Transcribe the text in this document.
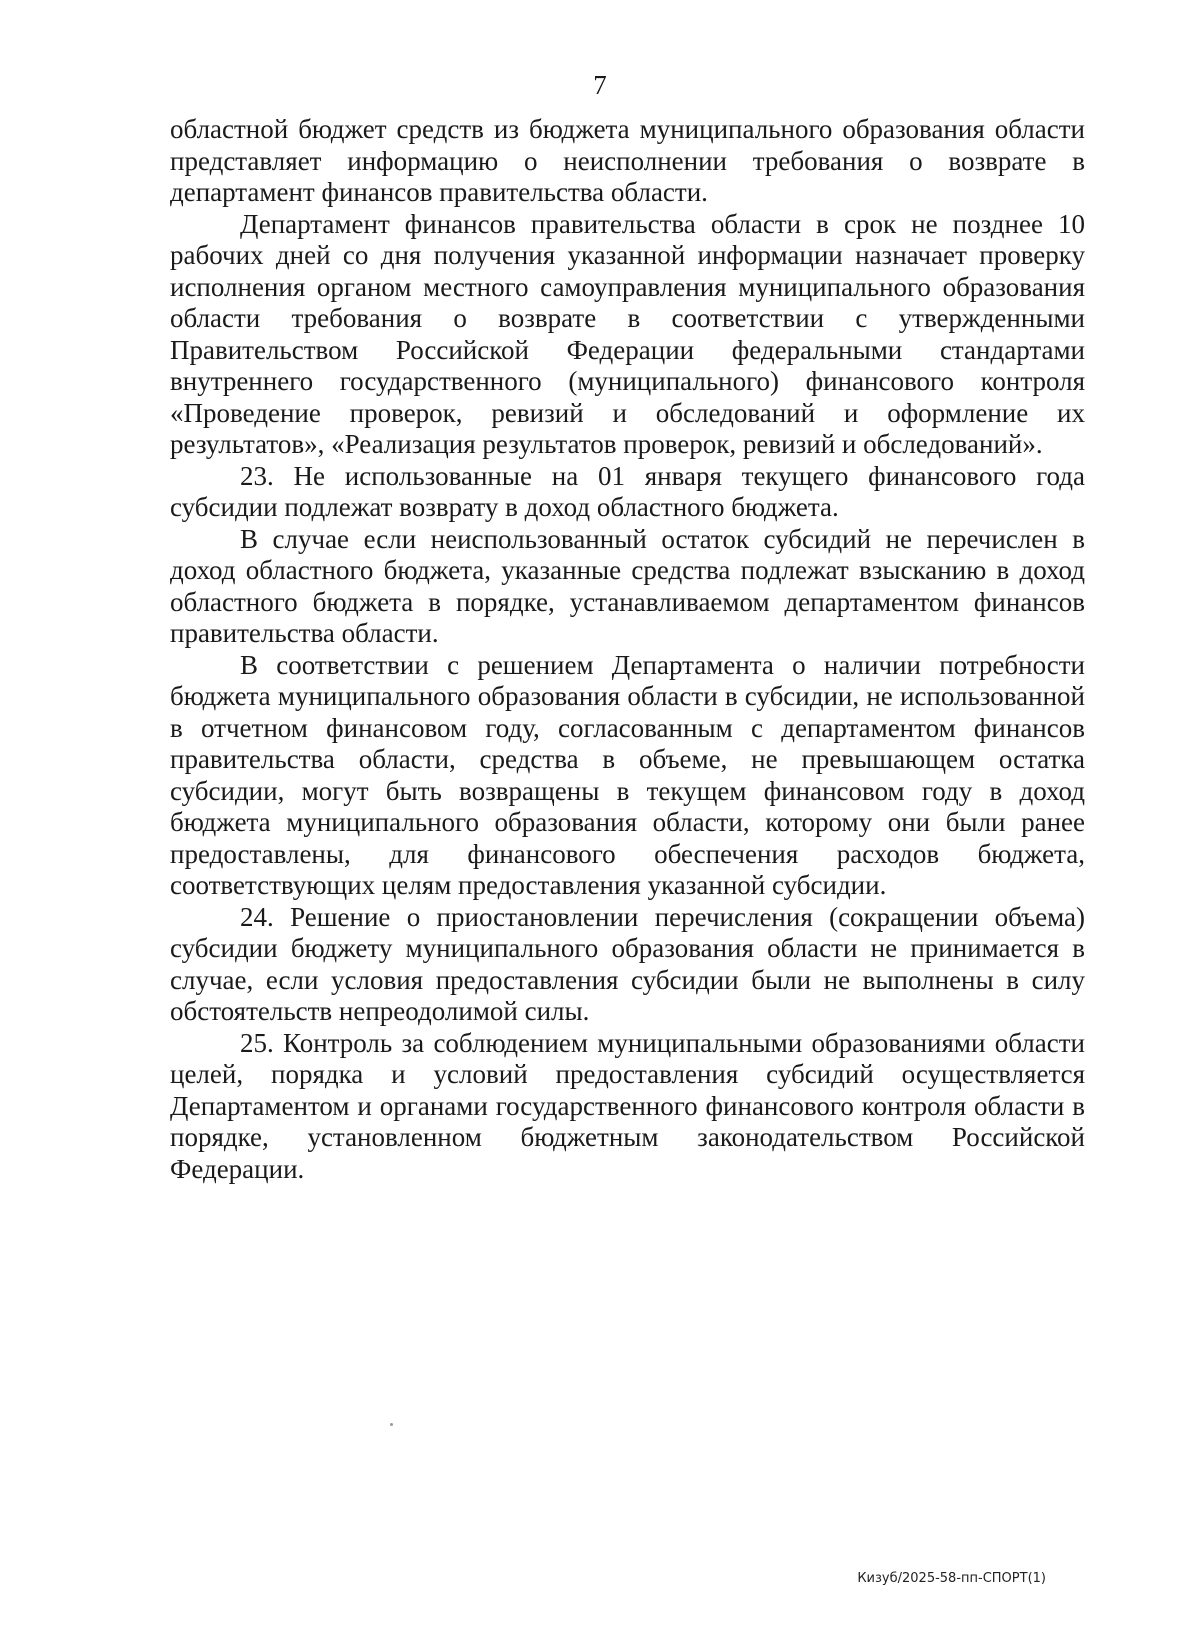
7

областной бюджет средств из бюджета муниципального образования области представляет информацию о неисполнении требования о возврате в департамент финансов правительства области.

Департамент финансов правительства области в срок не позднее 10 рабочих дней со дня получения указанной информации назначает проверку исполнения органом местного самоуправления муниципального образования области требования о возврате в соответствии с утвержденными Правительством Российской Федерации федеральными стандартами внутреннего государственного (муниципального) финансового контроля «Проведение проверок, ревизий и обследований и оформление их результатов», «Реализация результатов проверок, ревизий и обследований».

23. Не использованные на 01 января текущего финансового года субсидии подлежат возврату в доход областного бюджета.

В случае если неиспользованный остаток субсидий не перечислен в доход областного бюджета, указанные средства подлежат взысканию в доход областного бюджета в порядке, устанавливаемом департаментом финансов правительства области.

В соответствии с решением Департамента о наличии потребности бюджета муниципального образования области в субсидии, не использованной в отчетном финансовом году, согласованным с департаментом финансов правительства области, средства в объеме, не превышающем остатка субсидии, могут быть возвращены в текущем финансовом году в доход бюджета муниципального образования области, которому они были ранее предоставлены, для финансового обеспечения расходов бюджета, соответствующих целям предоставления указанной субсидии.

24. Решение о приостановлении перечисления (сокращении объема) субсидии бюджету муниципального образования области не принимается в случае, если условия предоставления субсидии были не выполнены в силу обстоятельств непреодолимой силы.

25. Контроль за соблюдением муниципальными образованиями области целей, порядка и условий предоставления субсидий осуществляется Департаментом и органами государственного финансового контроля области в порядке, установленном бюджетным законодательством Российской Федерации.

Кизуб/2025-58-пп-СПОРТ(1)
